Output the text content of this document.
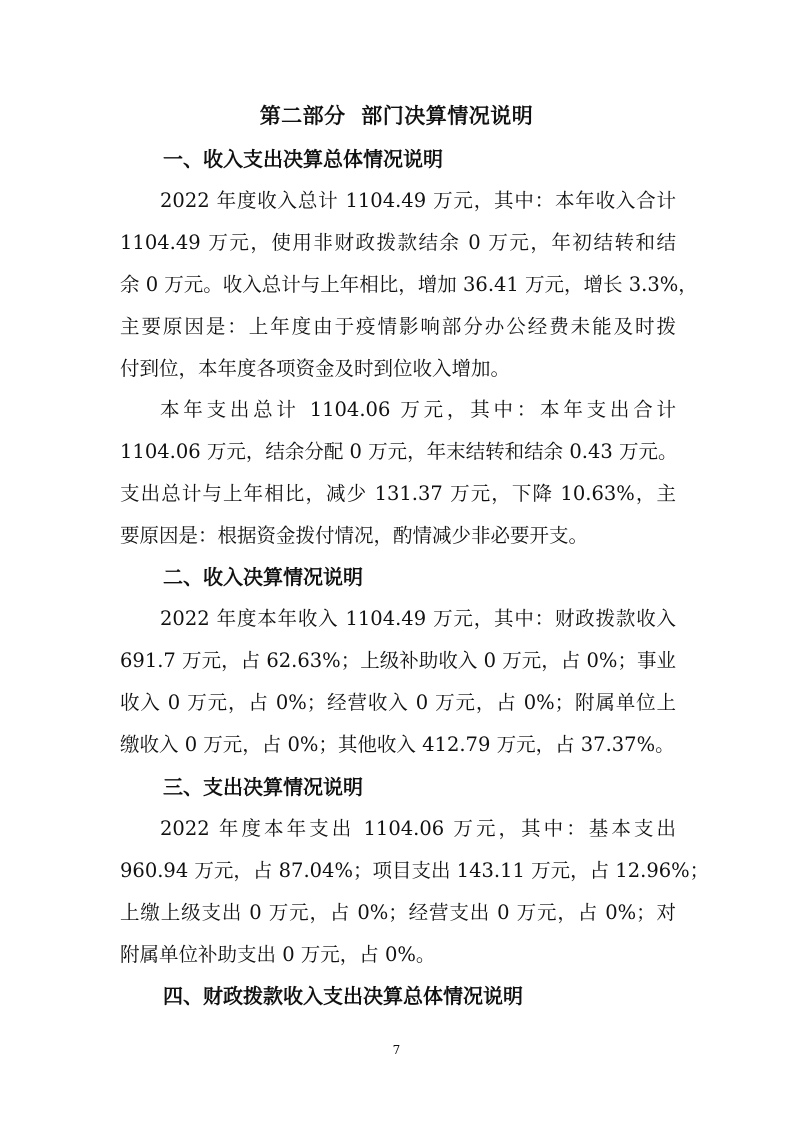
第二部分  部门决算情况说明
一、收入支出决算总体情况说明
2022 年度收入总计 1104.49 万元，其中：本年收入合计
1104.49 万元，使用非财政拨款结余 0 万元，年初结转和结
余 0 万元。收入总计与上年相比，增加 36.41 万元，增长 3.3%，
主要原因是：上年度由于疫情影响部分办公经费未能及时拨
付到位，本年度各项资金及时到位收入增加。
本年支出总计 1104.06 万元，其中：本年支出合计
1104.06 万元，结余分配 0 万元，年末结转和结余 0.43 万元。
支出总计与上年相比，减少 131.37 万元，下降 10.63%，主
要原因是：根据资金拨付情况，酌情减少非必要开支。
二、收入决算情况说明
2022 年度本年收入 1104.49 万元，其中：财政拨款收入
691.7 万元，占 62.63%；上级补助收入 0 万元，占 0%；事业
收入 0 万元，占 0%；经营收入 0 万元，占 0%；附属单位上
缴收入 0 万元，占 0%；其他收入 412.79 万元，占 37.37%。
三、支出决算情况说明
2022 年度本年支出 1104.06 万元，其中：基本支出
960.94 万元，占 87.04%；项目支出 143.11 万元，占 12.96%；
上缴上级支出 0 万元，占 0%；经营支出 0 万元，占 0%；对
附属单位补助支出 0 万元，占 0%。
四、财政拨款收入支出决算总体情况说明
7
